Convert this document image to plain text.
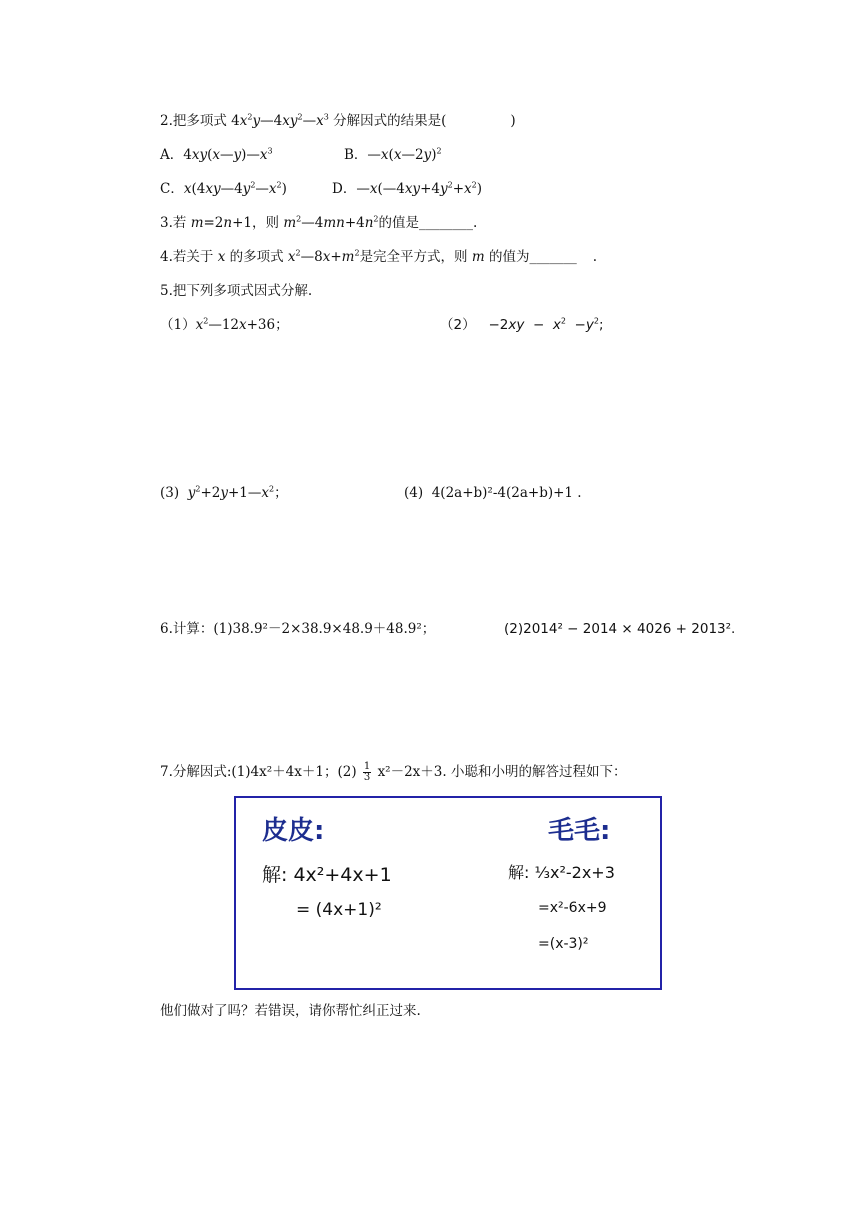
2.把多项式 $4x^2y—4xy^2—x^3$ 分解因式的结果是(	)
A．$4xy(x—y)—x^3$	B．—x(x—2y)$^2$
C．$x(4xy—4y^2—x^2)$	D．$—x(—4xy+4y^2+x^2)$
3.若 m=2n+1，则 $m^2—4mn+4n^2$的值是________.
4.若关于 x 的多项式 $x^2—8x+m^2$是完全平方式，则 m 的值为_______ .
5.把下列多项式因式分解.
$(1)x^2—12x+36$；	$(2) -2xy - x^2 -y^2$;
(3) $y^2+2y+1—x^2$；	(4) 4(2a+b)²-4(2a+b)+1 .
6.计算：(1)38.9²－2×38.9×48.9＋48.9²；	(2)2014² − 2014 × 4026 + 2013².
7.分解因式:(1)4x²＋4x＋1；$(2) \frac{1}{3} x^2-2x+3$. 小聪和小明的解答过程如下：
皮皮:	毛毛:
解: 4x²+4x+1
= (4x+1)²
解: ⅓x²-2x+3
=x²-6x+9
=(x-3)²
他们做对了吗？若错误，请你帮忙纠正过来.
